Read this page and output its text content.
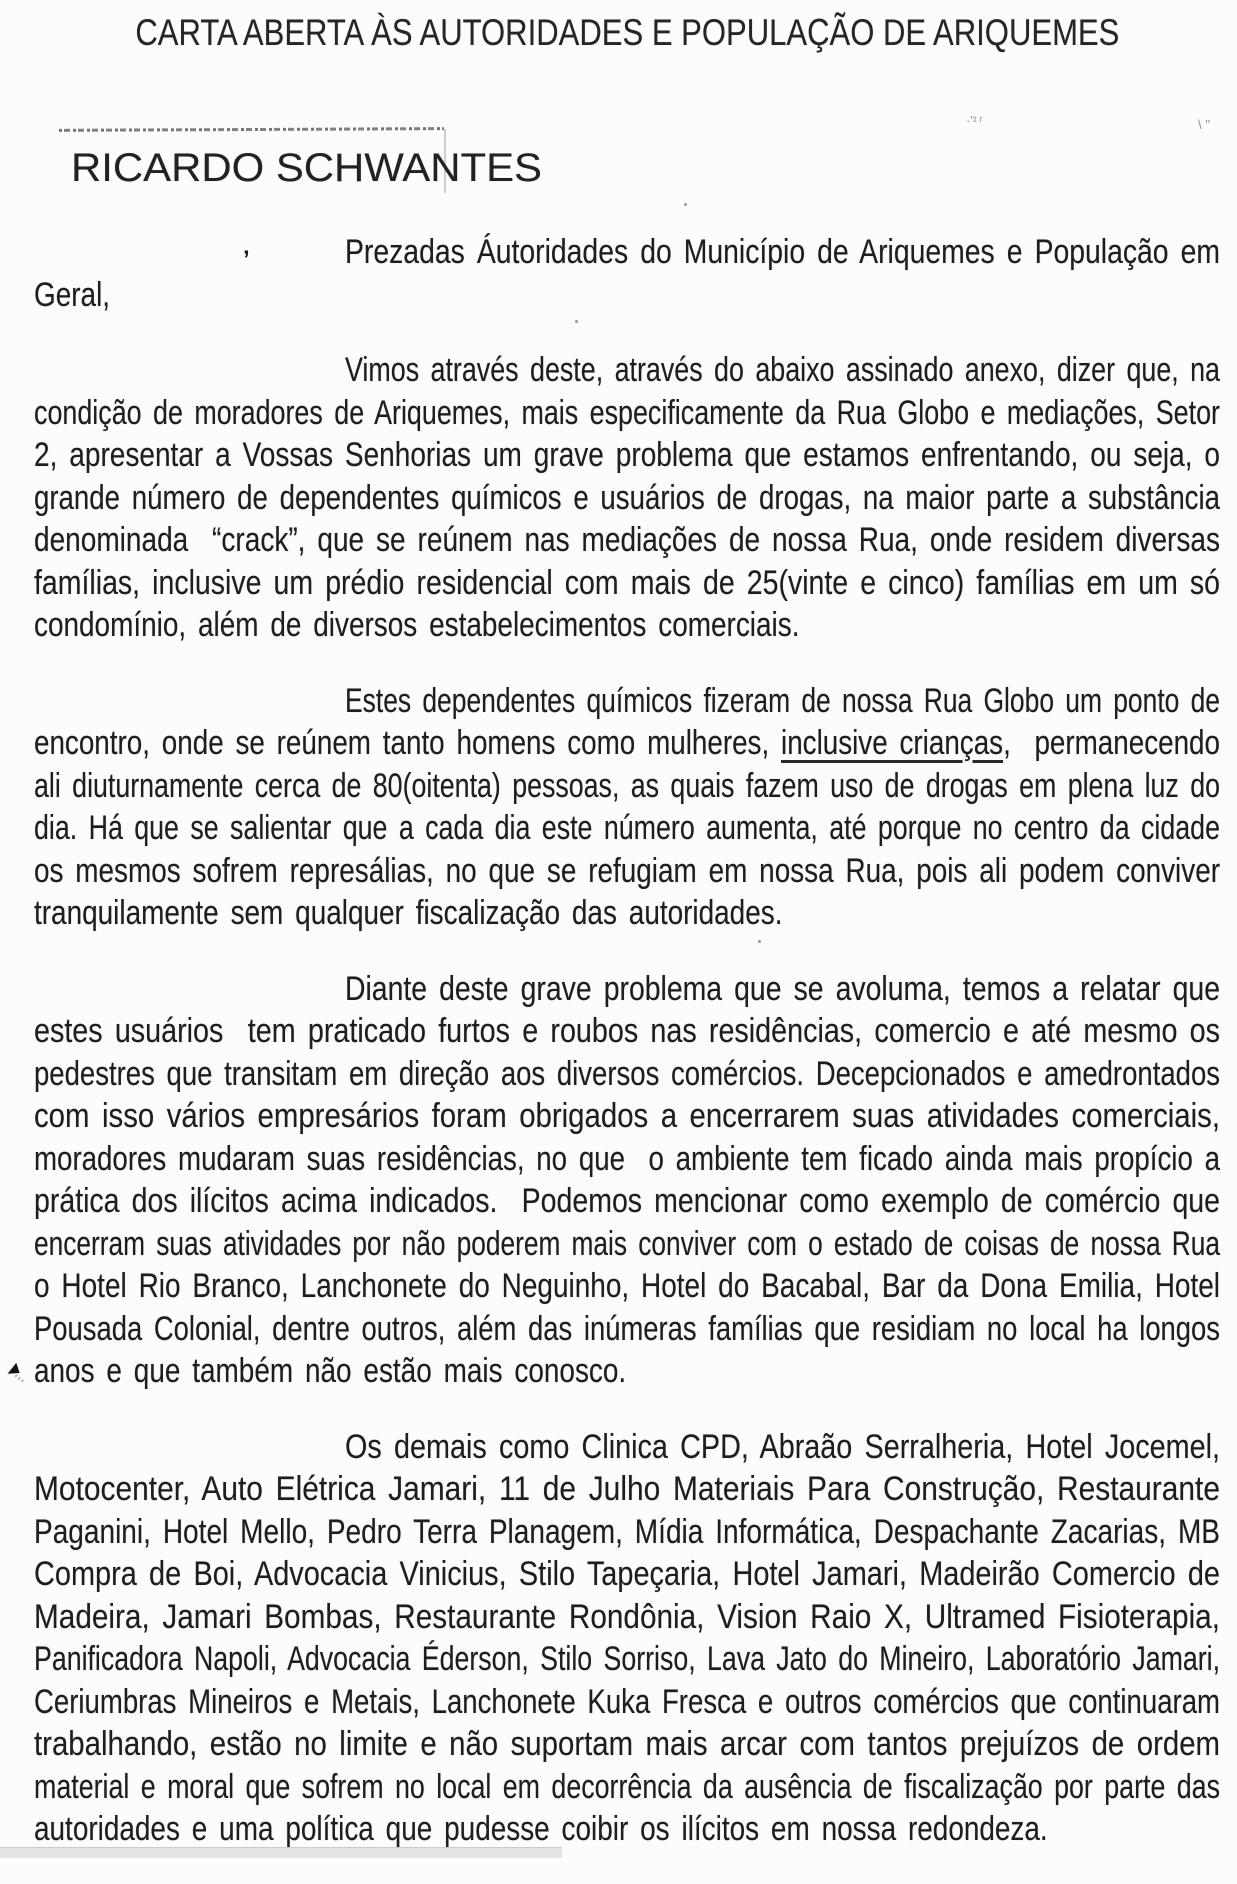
CARTA ABERTA ÀS AUTORIDADES E POPULAÇÃO DE ARIQUEMES
RICARDO SCHWANTES
’
·'¹  ʳ	\ ''
Prezadas Áutoridades do Município de Ariquemes e População em
Geral,
Vimos através deste, através do abaixo assinado anexo, dizer que, na
condição de moradores de Ariquemes, mais especificamente da Rua Globo e mediações, Setor
2, apresentar a Vossas Senhorias um grave problema que estamos enfrentando, ou seja, o
grande número de dependentes químicos e usuários de drogas, na maior parte a substância
denominada  “crack”, que se reúnem nas mediações de nossa Rua, onde residem diversas
famílias, inclusive um prédio residencial com mais de 25(vinte e cinco) famílias em um só
condomínio, além de diversos estabelecimentos comerciais.
Estes dependentes químicos fizeram de nossa Rua Globo um ponto de
encontro, onde se reúnem tanto homens como mulheres, inclusive crianças,  permanecendo
ali diuturnamente cerca de 80(oitenta) pessoas, as quais fazem uso de drogas em plena luz do
dia. Há que se salientar que a cada dia este número aumenta, até porque no centro da cidade
os mesmos sofrem represálias, no que se refugiam em nossa Rua, pois ali podem conviver
tranquilamente sem qualquer fiscalização das autoridades.
Diante deste grave problema que se avoluma, temos a relatar que
estes usuários  tem praticado furtos e roubos nas residências, comercio e até mesmo os
pedestres que transitam em direção aos diversos comércios. Decepcionados e amedrontados
com isso vários empresários foram obrigados a encerrarem suas atividades comerciais,
moradores mudaram suas residências, no que  o ambiente tem ficado ainda mais propício a
prática dos ilícitos acima indicados.  Podemos mencionar como exemplo de comércio que
encerram suas atividades por não poderem mais conviver com o estado de coisas de nossa Rua
o Hotel Rio Branco, Lanchonete do Neguinho, Hotel do Bacabal, Bar da Dona Emilia, Hotel
Pousada Colonial, dentre outros, além das inúmeras famílias que residiam no local ha longos
anos e que também não estão mais conosco.
Os demais como Clinica CPD, Abraão Serralheria, Hotel Jocemel,
Motocenter, Auto Elétrica Jamari, 11 de Julho Materiais Para Construção, Restaurante
Paganini, Hotel Mello, Pedro Terra Planagem, Mídia Informática, Despachante Zacarias, MB
Compra de Boi, Advocacia Vinicius, Stilo Tapeçaria, Hotel Jamari, Madeirão Comercio de
Madeira, Jamari Bombas, Restaurante Rondônia, Vision Raio X, Ultramed Fisioterapia,
Panificadora Napoli, Advocacia Éderson, Stilo Sorriso, Lava Jato do Mineiro, Laboratório Jamari,
Ceriumbras Mineiros e Metais, Lanchonete Kuka Fresca e outros comércios que continuaram
trabalhando, estão no limite e não suportam mais arcar com tantos prejuízos de ordem
material e moral que sofrem no local em decorrência da ausência de fiscalização por parte das
autoridades e uma política que pudesse coibir os ilícitos em nossa redondeza.
